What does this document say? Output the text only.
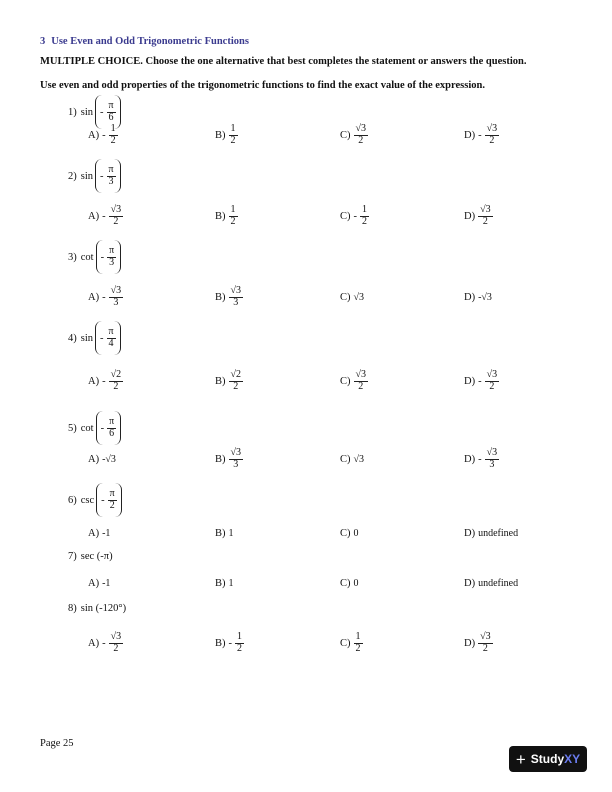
3 Use Even and Odd Trigonometric Functions
MULTIPLE CHOICE. Choose the one alternative that best completes the statement or answers the question.
Use even and odd properties of the trigonometric functions to find the exact value of the expression.
1) sin - $\frac{\pi}{6}$
$A) - \frac{1}{2}$	$B) \frac{1}{2}$	$C) \frac{√3}{2}$	$D) - \frac{√3}{2}$
2) sin - $\frac{\pi}{3}$
$A) - \frac{√3}{2}$	$B) \frac{1}{2}$	$C) - \frac{1}{2}$	$D) \frac{√3}{2}$
3) cot - $\frac{\pi}{3}$
$A) - \frac{√3}{3}$	$B) \frac{√3}{3}$	C) √3	D) -√3
4) sin - $\frac{\pi}{4}$
$A) - \frac{√2}{2}$	$B) \frac{√2}{2}$	$C) \frac{√3}{2}$	$D) - \frac{√3}{2}$
5) cot - $\frac{\pi}{6}$
A) -√3	$B) \frac{√3}{3}$	C) √3	$D) - \frac{√3}{3}$
6) csc - $\frac{\pi}{2}$
A) -1	B) 1	C) 0	D) undefined
7) sec (-π)
A) -1	B) 1	C) 0	D) undefined
8) sin (-120°)
$A) - \frac{√3}{2}$	$B) - \frac{1}{2}$	$C) \frac{1}{2}$	$D) \frac{√3}{2}$
Page 25
+ Study XY
